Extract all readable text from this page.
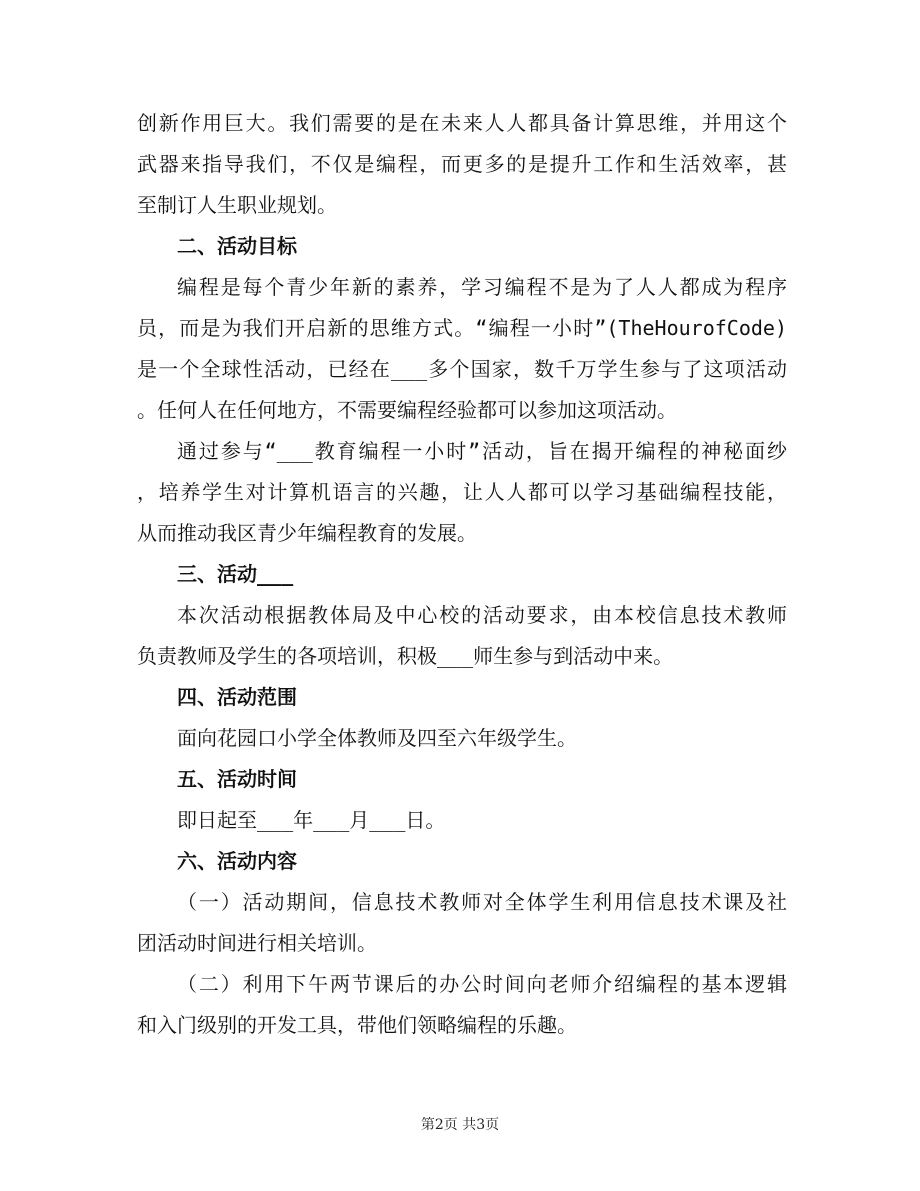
创新作用巨大。我们需要的是在未来人人都具备计算思维，并用这个
武器来指导我们，不仅是编程，而更多的是提升工作和生活效率，甚
至制订人生职业规划。
二、活动目标
编程是每个青少年新的素养，学习编程不是为了人人都成为程序
员，而是为我们开启新的思维方式。“编程一小时”(TheHourofCode)
是一个全球性活动，已经在___多个国家，数千万学生参与了这项活动
。任何人在任何地方，不需要编程经验都可以参加这项活动。
通过参与“___教育编程一小时”活动，旨在揭开编程的神秘面纱
，培养学生对计算机语言的兴趣，让人人都可以学习基础编程技能，
从而推动我区青少年编程教育的发展。
三、活动___
本次活动根据教体局及中心校的活动要求，由本校信息技术教师
负责教师及学生的各项培训，积极___师生参与到活动中来。
四、活动范围
面向花园口小学全体教师及四至六年级学生。
五、活动时间
即日起至___年___月___日。
六、活动内容
（一）活动期间，信息技术教师对全体学生利用信息技术课及社
团活动时间进行相关培训。
（二）利用下午两节课后的办公时间向老师介绍编程的基本逻辑
和入门级别的开发工具，带他们领略编程的乐趣。
第2页 共3页
